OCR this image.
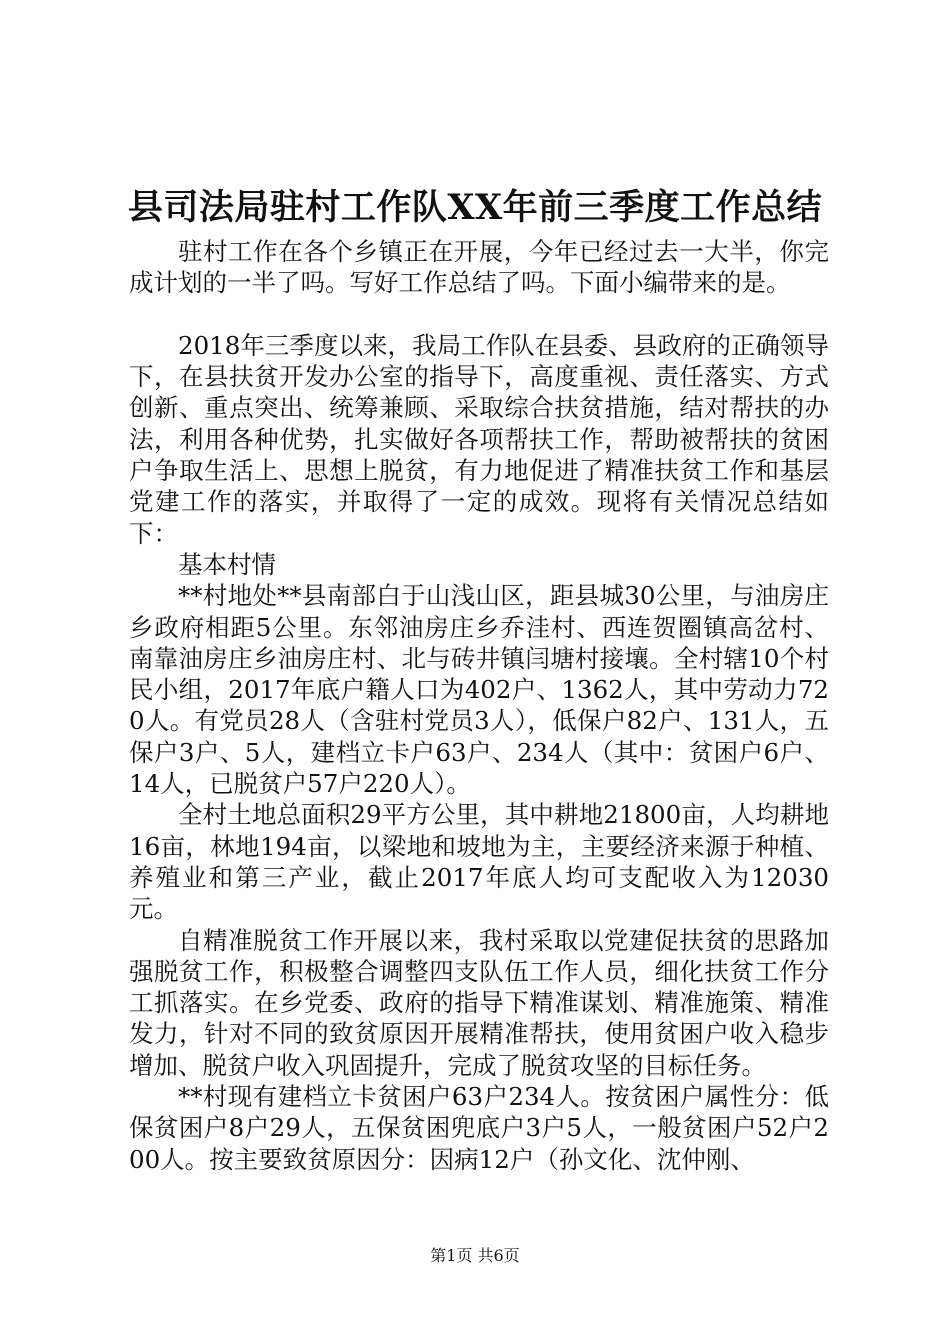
县司法局驻村工作队XX年前三季度工作总结

驻村工作在各个乡镇正在开展，今年已经过去一大半，你完成计划的一半了吗。写好工作总结了吗。下面小编带来的是。

2018年三季度以来，我局工作队在县委、县政府的正确领导下，在县扶贫开发办公室的指导下，高度重视、责任落实、方式创新、重点突出、统筹兼顾、采取综合扶贫措施，结对帮扶的办法，利用各种优势，扎实做好各项帮扶工作，帮助被帮扶的贫困户争取生活上、思想上脱贫，有力地促进了精准扶贫工作和基层党建工作的落实，并取得了一定的成效。现将有关情况总结如下：

基本村情

**村地处**县南部白于山浅山区，距县城30公里，与油房庄乡政府相距5公里。东邻油房庄乡乔洼村、西连贺圈镇高岔村、南靠油房庄乡油房庄村、北与砖井镇闫塘村接壤。全村辖10个村民小组，2017年底户籍人口为402户、1362人，其中劳动力720人。有党员28人（含驻村党员3人），低保户82户、131人，五保户3户、5人，建档立卡户63户、234人（其中：贫困户6户、14人，已脱贫户57户220人）。

全村土地总面积29平方公里，其中耕地21800亩，人均耕地16亩，林地194亩，以梁地和坡地为主，主要经济来源于种植、养殖业和第三产业，截止2017年底人均可支配收入为12030元。

自精准脱贫工作开展以来，我村采取以党建促扶贫的思路加强脱贫工作，积极整合调整四支队伍工作人员，细化扶贫工作分工抓落实。在乡党委、政府的指导下精准谋划、精准施策、精准发力，针对不同的致贫原因开展精准帮扶，使用贫困户收入稳步增加、脱贫户收入巩固提升，完成了脱贫攻坚的目标任务。

**村现有建档立卡贫困户63户234人。按贫困户属性分：低保贫困户8户29人，五保贫困兜底户3户5人，一般贫困户52户200人。按主要致贫原因分：因病12户（孙文化、沈仲刚、

第1页 共6页
